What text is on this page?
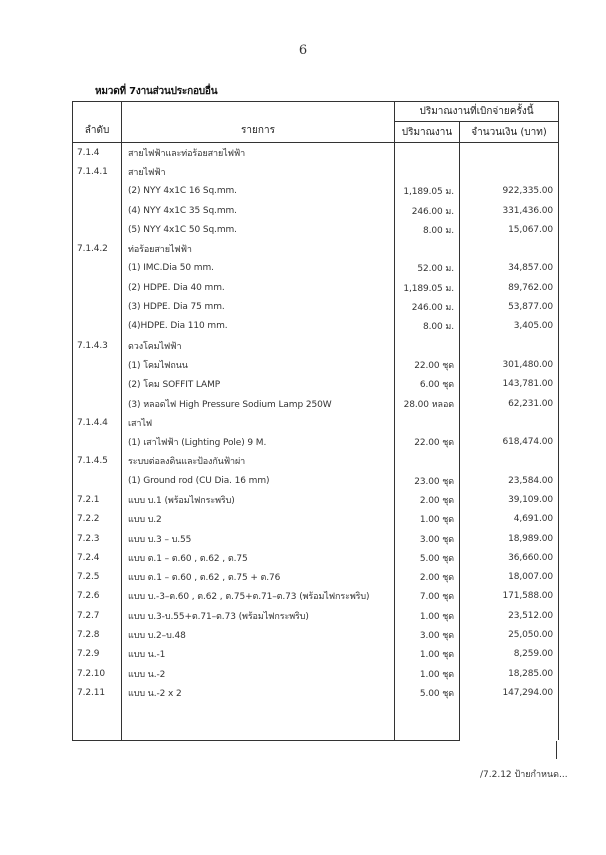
6
หมวดที่ 7งานส่วนประกอบอื่น
ลำดับ	รายการ	ปริมาณงานที่เบิกจ่ายครั้งนี้	
		ปริมาณงาน	จำนวนเงิน (บาท)
7.1.4	สายไฟฟ้าและท่อร้อยสายไฟฟ้า		
7.1.4.1	สายไฟฟ้า		
	(2) NYY 4x1C 16 Sq.mm.	1,189.05 ม.	922,335.00
	(4) NYY 4x1C 35 Sq.mm.	246.00 ม.	331,436.00
	(5) NYY 4x1C 50 Sq.mm.	8.00 ม.	15,067.00
7.1.4.2	ท่อร้อยสายไฟฟ้า		
	(1) IMC.Dia 50 mm.	52.00 ม.	34,857.00
	(2) HDPE. Dia 40 mm.	1,189.05 ม.	89,762.00
	(3) HDPE. Dia 75 mm.	246.00 ม.	53,877.00
	(4)HDPE. Dia 110 mm.	8.00 ม.	3,405.00
7.1.4.3	ดวงโคมไฟฟ้า		
	(1) โคมไฟถนน	22.00 ชุด	301,480.00
	(2) โคม SOFFIT LAMP	6.00 ชุด	143,781.00
	(3) หลอดไฟ High Pressure Sodium Lamp 250W	28.00 หลอด	62,231.00
7.1.4.4	เสาไฟ		
	(1) เสาไฟฟ้า (Lighting Pole) 9 M.	22.00 ชุด	618,474.00
7.1.4.5	ระบบต่อลงดินและป้องกันฟ้าผ่า		
	(1) Ground rod (CU Dia. 16 mm)	23.00 ชุด	23,584.00
7.2.1	แบบ บ.1 (พร้อมไฟกระพริบ)	2.00 ชุด	39,109.00
7.2.2	แบบ บ.2	1.00 ชุด	4,691.00
7.2.3	แบบ บ.3 – บ.55	3.00 ชุด	18,989.00
7.2.4	แบบ ต.1 – ต.60 , ต.62 , ต.75	5.00 ชุด	36,660.00
7.2.5	แบบ ต.1 – ต.60 , ต.62 , ต.75 + ต.76	2.00 ชุด	18,007.00
7.2.6	แบบ บ.-3–ต.60 , ต.62 , ต.75+ต.71–ต.73 (พร้อมไฟกระพริบ)	7.00 ชุด	171,588.00
7.2.7	แบบ บ.3-บ.55+ต.71–ต.73 (พร้อมไฟกระพริบ)	1.00 ชุด	23,512.00
7.2.8	แบบ บ.2–บ.48	3.00 ชุด	25,050.00
7.2.9	แบบ น.-1	1.00 ชุด	8,259.00
7.2.10	แบบ น.-2	1.00 ชุด	18,285.00
7.2.11	แบบ น.-2 x 2	5.00 ชุด	147,294.00

/7.2.12 ป้ายกำหนด...
